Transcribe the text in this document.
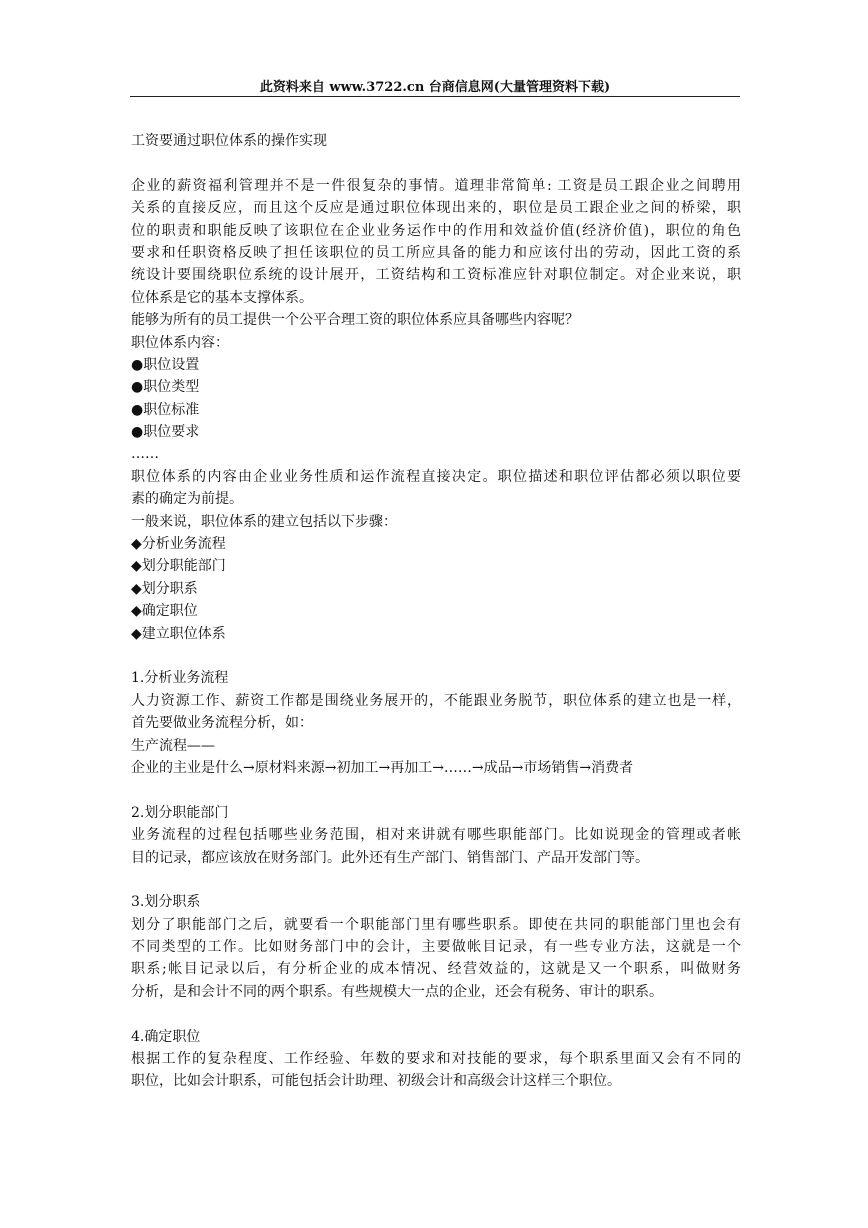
此资料来自 www.3722.cn 台商信息网(大量管理资料下载)
工资要通过职位体系的操作实现
企业的薪资福利管理并不是一件很复杂的事情。道理非常简单: 工资是员工跟企业之间聘用
关系的直接反应，而且这个反应是通过职位体现出来的，职位是员工跟企业之间的桥梁，职
位的职责和职能反映了该职位在企业业务运作中的作用和效益价值(经济价值)，职位的角色
要求和任职资格反映了担任该职位的员工所应具备的能力和应该付出的劳动，因此工资的系
统设计要围绕职位系统的设计展开，工资结构和工资标准应针对职位制定。对企业来说，职
位体系是它的基本支撑体系。
能够为所有的员工提供一个公平合理工资的职位体系应具备哪些内容呢？
职位体系内容：
●职位设置
●职位类型
●职位标准
●职位要求
……
职位体系的内容由企业业务性质和运作流程直接决定。职位描述和职位评估都必须以职位要
素的确定为前提。
一般来说，职位体系的建立包括以下步骤：
◆分析业务流程
◆划分职能部门
◆划分职系
◆确定职位
◆建立职位体系
1.分析业务流程
人力资源工作、薪资工作都是围绕业务展开的，不能跟业务脱节，职位体系的建立也是一样，
首先要做业务流程分析，如：
生产流程——
企业的主业是什么→原材料来源→初加工→再加工→……→成品→市场销售→消费者
2.划分职能部门
业务流程的过程包括哪些业务范围，相对来讲就有哪些职能部门。比如说现金的管理或者帐
目的记录，都应该放在财务部门。此外还有生产部门、销售部门、产品开发部门等。
3.划分职系
划分了职能部门之后，就要看一个职能部门里有哪些职系。即使在共同的职能部门里也会有
不同类型的工作。比如财务部门中的会计，主要做帐目记录，有一些专业方法，这就是一个
职系;帐目记录以后，有分析企业的成本情况、经营效益的，这就是又一个职系，叫做财务
分析，是和会计不同的两个职系。有些规模大一点的企业，还会有税务、审计的职系。
4.确定职位
根据工作的复杂程度、工作经验、年数的要求和对技能的要求，每个职系里面又会有不同的
职位，比如会计职系，可能包括会计助理、初级会计和高级会计这样三个职位。
